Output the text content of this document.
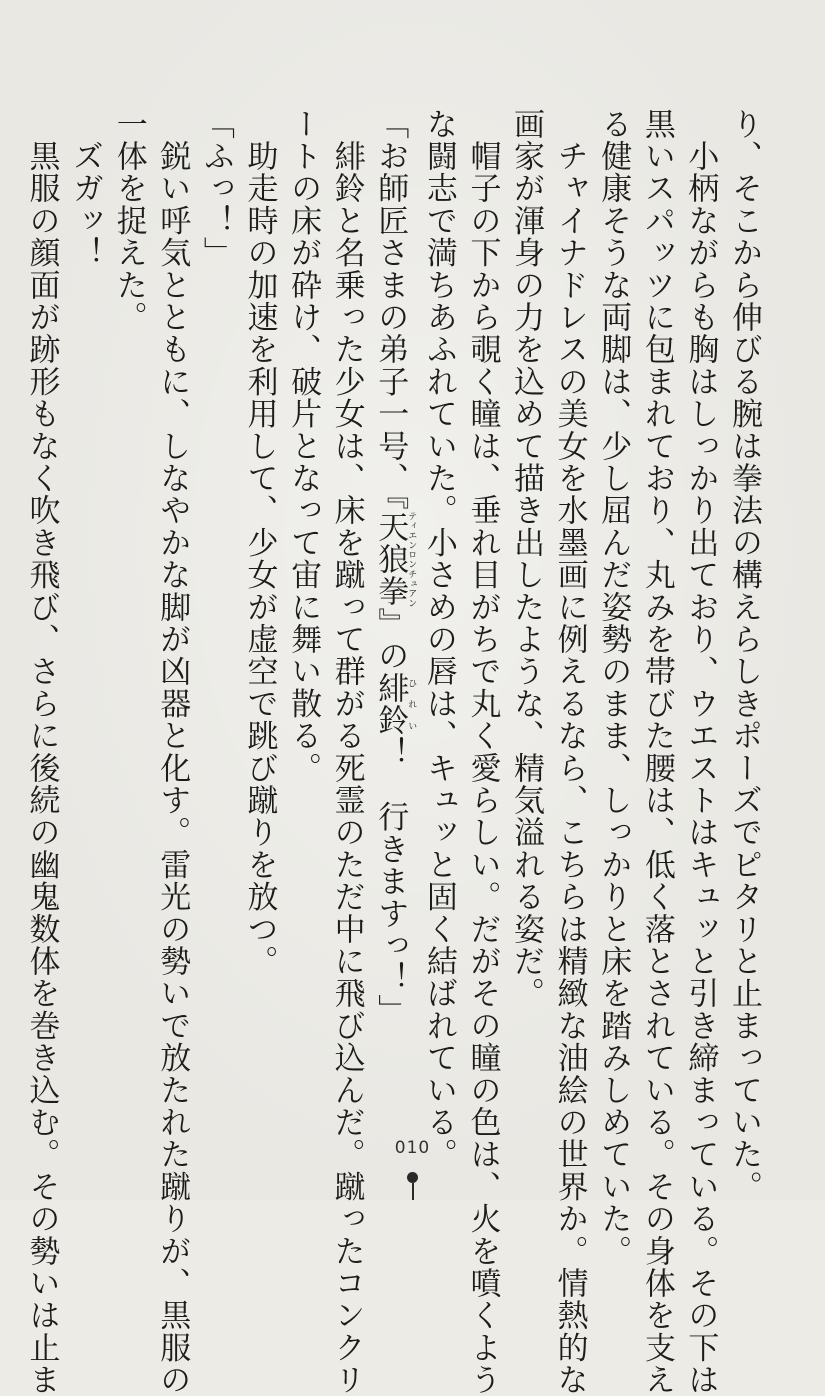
り、そこから伸びる腕は拳法の構えらしきポーズでピタリと止まっていた。
　小柄ながらも胸はしっかり出ており、ウエストはキュッと引き締まっている。その下は
黒いスパッツに包まれており、丸みを帯びた腰は、低く落とされている。その身体を支え
る健康そうな両脚は、少し屈んだ姿勢のまま、しっかりと床を踏みしめていた。
　チャイナドレスの美女を水墨画に例えるなら、こちらは精緻な油絵の世界か。情熱的な
画家が渾身の力を込めて描き出したような、精気溢れる姿だ。
　帽子の下から覗く瞳は、垂れ目がちで丸く愛らしい。だがその瞳の色は、火を噴くよう
な闘志で満ちあふれていた。小さめの唇は、キュッと固く結ばれている。
「お師匠さまの弟子一号、『天狼拳ティエンロンチュアン』の緋鈴ひれい！　行きますっ！」
　緋鈴と名乗った少女は、床を蹴って群がる死霊のただ中に飛び込んだ。蹴ったコンクリ
ートの床が砕け、破片となって宙に舞い散る。
　助走時の加速を利用して、少女が虚空で跳び蹴りを放つ。
「ふっ！」
　鋭い呼気とともに、しなやかな脚が凶器と化す。雷光の勢いで放たれた蹴りが、黒服の
一体を捉えた。
　ズガッ！
　黒服の顔面が跡形もなく吹き飛び、さらに後続の幽鬼数体を巻き込む。その勢いは止ま	010
